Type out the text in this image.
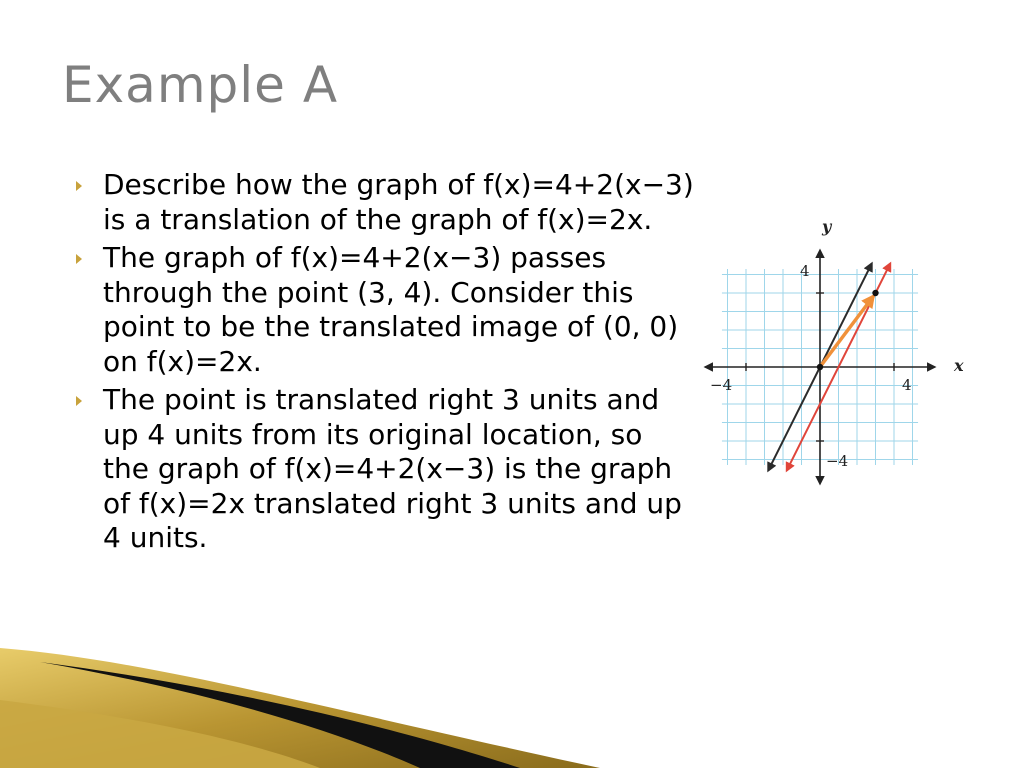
Example A
Describe how the graph of f(x)=4+2(x−3) is a translation of the graph of f(x)=2x.
The graph of f(x)=4+2(x−3) passes through the point (3, 4). Consider this point to be the translated image of (0, 0) on f(x)=2x.
The point is translated right 3 units and up 4 units from its original location, so the graph of f(x)=4+2(x−3) is the graph of f(x)=2x translated right 3 units and up 4 units.
y
x
4
−4
4
−4
